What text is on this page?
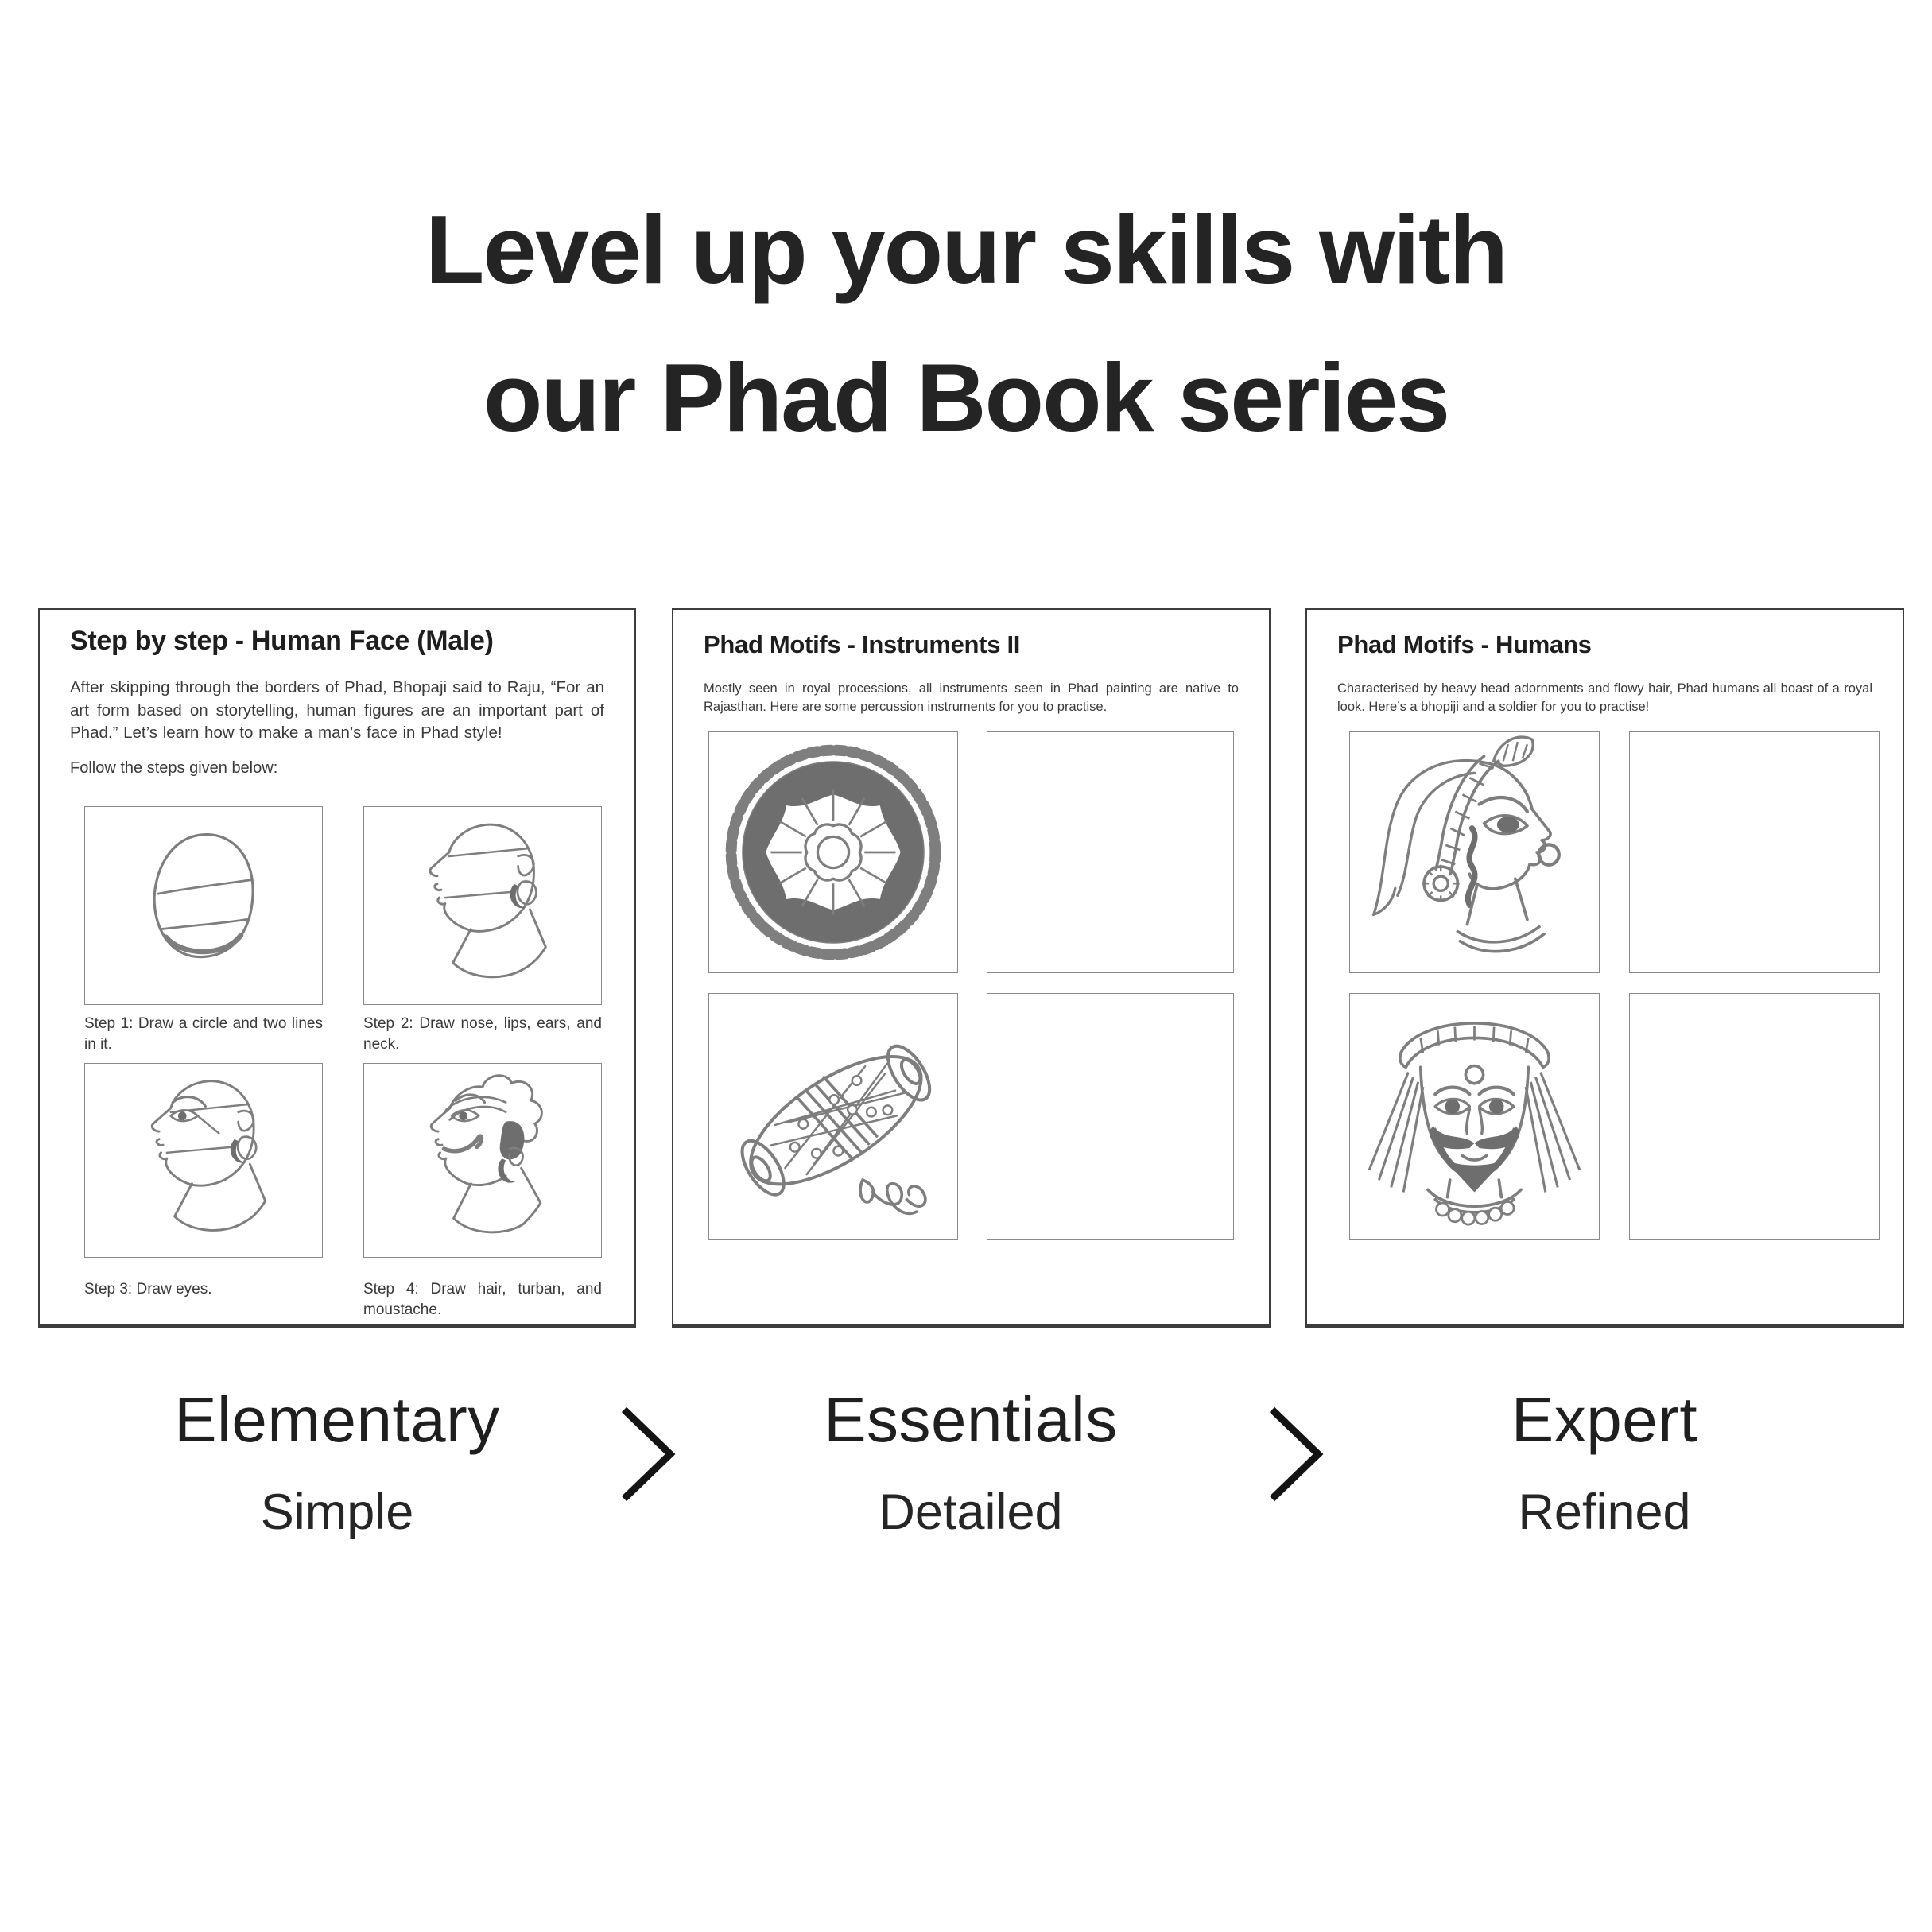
Level up your skills with
our Phad Book series
Step by step - Human Face (Male)
After skipping through the borders of Phad, Bhopaji said to Raju, “For an art form based on storytelling, human figures are an important part of Phad.” Let’s learn how to make a man’s face in Phad style!
Follow the steps given below:
Step 1: Draw a circle and two lines in it.
Step 2: Draw nose, lips, ears, and neck.
Step 3: Draw eyes.	Step 4: Draw hair, turban, and moustache.
Phad Motifs - Instruments II
Mostly seen in royal processions, all instruments seen in Phad painting are native to Rajasthan. Here are some percussion instruments for you to practise.
Phad Motifs - Humans
Characterised by heavy head adornments and flowy hair, Phad humans all boast of a royal look. Here’s a bhopiji and a soldier for you to practise!
Elementary
Simple
Essentials
Detailed
Expert
Refined
